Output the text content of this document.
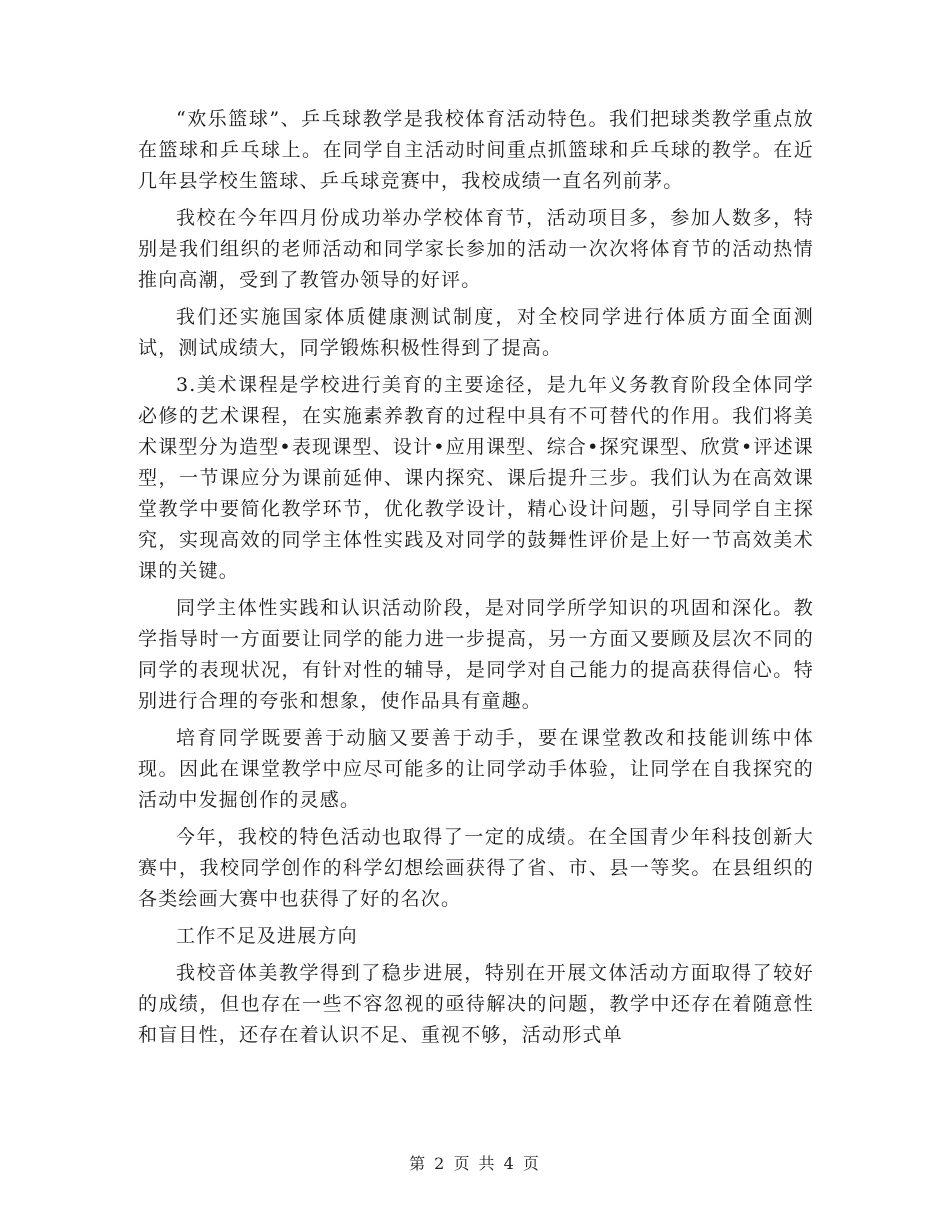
“欢乐篮球”、乒乓球教学是我校体育活动特色。我们把球类教学重点放在篮球和乒乓球上。在同学自主活动时间重点抓篮球和乒乓球的教学。在近几年县学校生篮球、乒乓球竞赛中，我校成绩一直名列前茅。

我校在今年四月份成功举办学校体育节，活动项目多，参加人数多，特别是我们组织的老师活动和同学家长参加的活动一次次将体育节的活动热情推向高潮，受到了教管办领导的好评。

我们还实施国家体质健康测试制度，对全校同学进行体质方面全面测试，测试成绩大，同学锻炼积极性得到了提高。

3.美术课程是学校进行美育的主要途径，是九年义务教育阶段全体同学必修的艺术课程，在实施素养教育的过程中具有不可替代的作用。我们将美术课型分为造型•表现课型、设计•应用课型、综合•探究课型、欣赏•评述课型，一节课应分为课前延伸、课内探究、课后提升三步。我们认为在高效课堂教学中要简化教学环节，优化教学设计，精心设计问题，引导同学自主探究，实现高效的同学主体性实践及对同学的鼓舞性评价是上好一节高效美术课的关键。

同学主体性实践和认识活动阶段，是对同学所学知识的巩固和深化。教学指导时一方面要让同学的能力进一步提高，另一方面又要顾及层次不同的同学的表现状况，有针对性的辅导，是同学对自己能力的提高获得信心。特别进行合理的夸张和想象，使作品具有童趣。

培育同学既要善于动脑又要善于动手，要在课堂教改和技能训练中体现。因此在课堂教学中应尽可能多的让同学动手体验，让同学在自我探究的活动中发掘创作的灵感。

今年，我校的特色活动也取得了一定的成绩。在全国青少年科技创新大赛中，我校同学创作的科学幻想绘画获得了省、市、县一等奖。在县组织的各类绘画大赛中也获得了好的名次。

工作不足及进展方向

我校音体美教学得到了稳步进展，特别在开展文体活动方面取得了较好的成绩，但也存在一些不容忽视的亟待解决的问题，教学中还存在着随意性和盲目性，还存在着认识不足、重视不够，活动形式单

第 2 页 共 4 页
